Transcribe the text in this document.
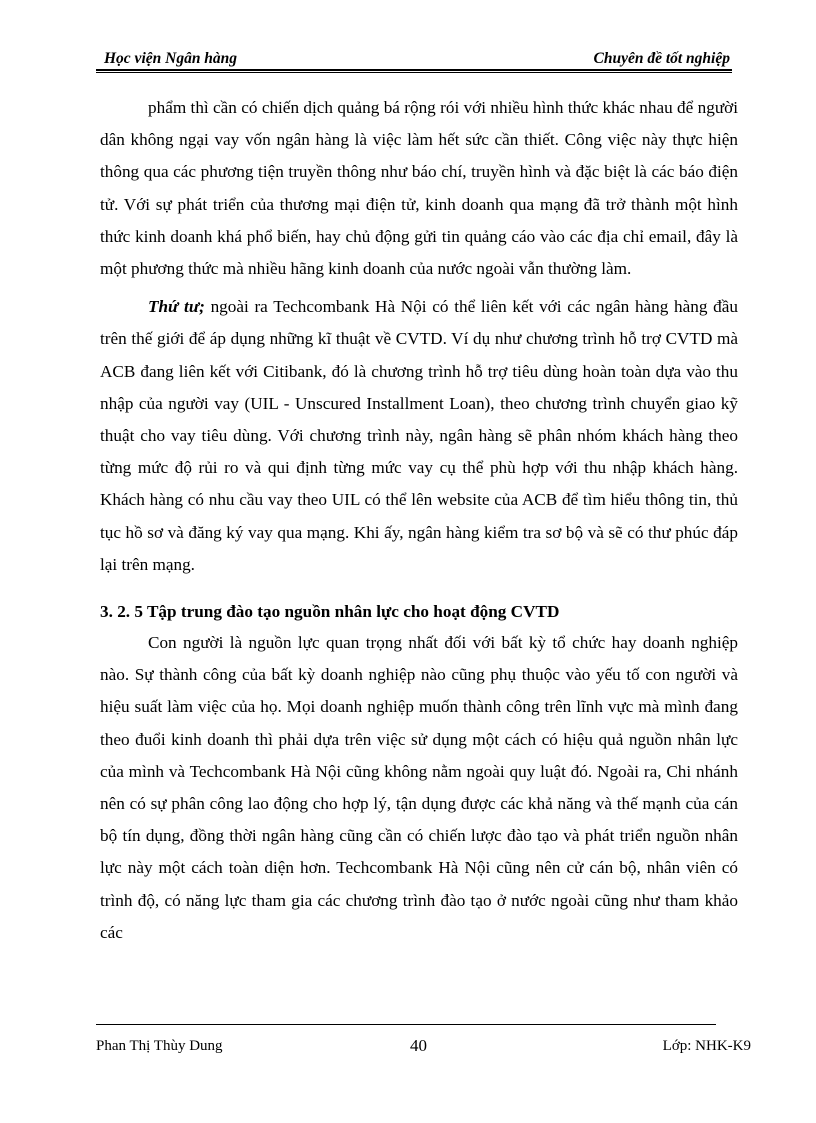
Học viện Ngân hàng	Chuyên đề tốt nghiệp

phẩm thì cần có chiến dịch quảng bá rộng rói với nhiều hình thức khác nhau để người dân không ngại vay vốn ngân hàng là việc làm hết sức cần thiết. Công việc này thực hiện thông qua các phương tiện truyền thông như báo chí, truyền hình và đặc biệt là các báo điện tử. Với sự phát triển của thương mại điện tử, kinh doanh qua mạng đã trở thành một hình thức kinh doanh khá phổ biến, hay chủ động gửi tin quảng cáo vào các địa chỉ email, đây là một phương thức mà nhiều hãng kinh doanh của nước ngoài vẫn thường làm.

Thứ tư; ngoài ra Techcombank Hà Nội có thể liên kết với các ngân hàng hàng đầu trên thế giới để áp dụng những kĩ thuật về CVTD. Ví dụ như chương trình hỗ trợ CVTD mà ACB đang liên kết với Citibank, đó là chương trình hỗ trợ tiêu dùng hoàn toàn dựa vào thu nhập của người vay (UIL - Unscured Installment Loan), theo chương trình chuyển giao kỹ thuật cho vay tiêu dùng. Với chương trình này, ngân hàng sẽ phân nhóm khách hàng theo từng mức độ rủi ro và qui định từng mức vay cụ thể phù hợp với thu nhập khách hàng. Khách hàng có nhu cầu vay theo UIL có thể lên website của ACB để tìm hiểu thông tin, thủ tục hồ sơ và đăng ký vay qua mạng. Khi ấy, ngân hàng kiểm tra sơ bộ và sẽ có thư phúc đáp lại trên mạng.

3. 2. 5 Tập trung đào tạo nguồn nhân lực cho hoạt động CVTD

Con người là nguồn lực quan trọng nhất đối với bất kỳ tổ chức hay doanh nghiệp nào. Sự thành công của bất kỳ doanh nghiệp nào cũng phụ thuộc vào yếu tố con người và hiệu suất làm việc của họ. Mọi doanh nghiệp muốn thành công trên lĩnh vực mà mình đang theo đuổi kinh doanh thì phải dựa trên việc sử dụng một cách có hiệu quả nguồn nhân lực của mình và Techcombank Hà Nội cũng không nằm ngoài quy luật đó. Ngoài ra, Chi nhánh nên có sự phân công lao động cho hợp lý, tận dụng được các khả năng và thế mạnh của cán bộ tín dụng, đồng thời ngân hàng cũng cần có chiến lược đào tạo và phát triển nguồn nhân lực này một cách toàn diện hơn. Techcombank Hà Nội cũng nên cử cán bộ, nhân viên có trình độ, có năng lực tham gia các chương trình đào tạo ở nước ngoài cũng như tham khảo các

Phan Thị Thùy Dung	40	Lớp: NHK-K9
